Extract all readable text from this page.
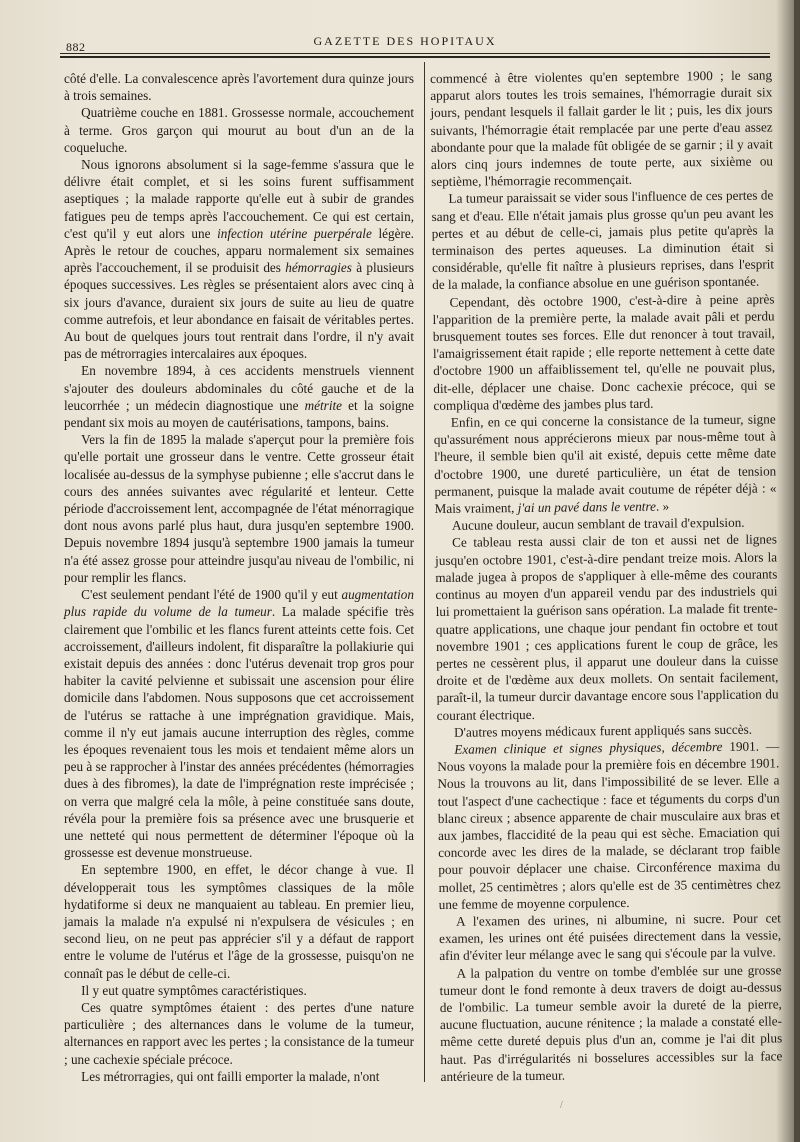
882	GAZETTE DES HOPITAUX

côté d'elle. La convalescence après l'avortement dura quinze jours à trois semaines.

Quatrième couche en 1881. Grossesse normale, accouchement à terme. Gros garçon qui mourut au bout d'un an de la coqueluche.

Nous ignorons absolument si la sage-femme s'assura que le délivre était complet, et si les soins furent suffisamment aseptiques ; la malade rapporte qu'elle eut à subir de grandes fatigues peu de temps après l'accouchement. Ce qui est certain, c'est qu'il y eut alors une infection utérine puerpérale légère. Après le retour de couches, apparu normalement six semaines après l'accouchement, il se produisit des hémorragies à plusieurs époques successives. Les règles se présentaient alors avec cinq à six jours d'avance, duraient six jours de suite au lieu de quatre comme autrefois, et leur abondance en faisait de véritables pertes. Au bout de quelques jours tout rentrait dans l'ordre, il n'y avait pas de métrorragies intercalaires aux époques.

En novembre 1894, à ces accidents menstruels viennent s'ajouter des douleurs abdominales du côté gauche et de la leucorrhée ; un médecin diagnostique une métrite et la soigne pendant six mois au moyen de cautérisations, tampons, bains.

Vers la fin de 1895 la malade s'aperçut pour la première fois qu'elle portait une grosseur dans le ventre. Cette grosseur était localisée au-dessus de la symphyse pubienne ; elle s'accrut dans le cours des années suivantes avec régularité et lenteur. Cette période d'accroissement lent, accompagnée de l'état ménorragique dont nous avons parlé plus haut, dura jusqu'en septembre 1900. Depuis novembre 1894 jusqu'à septembre 1900 jamais la tumeur n'a été assez grosse pour atteindre jusqu'au niveau de l'ombilic, ni pour remplir les flancs.

C'est seulement pendant l'été de 1900 qu'il y eut augmentation plus rapide du volume de la tumeur. La malade spécifie très clairement que l'ombilic et les flancs furent atteints cette fois. Cet accroissement, d'ailleurs indolent, fit disparaître la pollakiurie qui existait depuis des années : donc l'utérus devenait trop gros pour habiter la cavité pelvienne et subissait une ascension pour élire domicile dans l'abdomen. Nous supposons que cet accroissement de l'utérus se rattache à une imprégnation gravidique. Mais, comme il n'y eut jamais aucune interruption des règles, comme les époques revenaient tous les mois et tendaient même alors un peu à se rapprocher à l'instar des années précédentes (hémorragies dues à des fibromes), la date de l'imprégnation reste imprécisée ; on verra que malgré cela la môle, à peine constituée sans doute, révéla pour la première fois sa présence avec une brusquerie et une netteté qui nous permettent de déterminer l'époque où la grossesse est devenue monstrueuse.

En septembre 1900, en effet, le décor change à vue. Il développerait tous les symptômes classiques de la môle hydatiforme si deux ne manquaient au tableau. En premier lieu, jamais la malade n'a expulsé ni n'expulsera de vésicules ; en second lieu, on ne peut pas apprécier s'il y a défaut de rapport entre le volume de l'utérus et l'âge de la grossesse, puisqu'on ne connaît pas le début de celle-ci.

Il y eut quatre symptômes caractéristiques.

Ces quatre symptômes étaient : des pertes d'une nature particulière ; des alternances dans le volume de la tumeur, alternances en rapport avec les pertes ; la consistance de la tumeur ; une cachexie spéciale précoce.

Les métrorragies, qui ont failli emporter la malade, n'ont

commencé à être violentes qu'en septembre 1900 ; le sang apparut alors toutes les trois semaines, l'hémorragie durait six jours, pendant lesquels il fallait garder le lit ; puis, les dix jours suivants, l'hémorragie était remplacée par une perte d'eau assez abondante pour que la malade fût obligée de se garnir ; il y avait alors cinq jours indemnes de toute perte, aux sixième ou septième, l'hémorragie recommençait.

La tumeur paraissait se vider sous l'influence de ces pertes de sang et d'eau. Elle n'était jamais plus grosse qu'un peu avant les pertes et au début de celle-ci, jamais plus petite qu'après la terminaison des pertes aqueuses. La diminution était si considérable, qu'elle fit naître à plusieurs reprises, dans l'esprit de la malade, la confiance absolue en une guérison spontanée.

Cependant, dès octobre 1900, c'est-à-dire à peine après l'apparition de la première perte, la malade avait pâli et perdu brusquement toutes ses forces. Elle dut renoncer à tout travail, l'amaigrissement était rapide ; elle reporte nettement à cette date d'octobre 1900 un affaiblissement tel, qu'elle ne pouvait plus, dit-elle, déplacer une chaise. Donc cachexie précoce, qui se compliqua d'œdème des jambes plus tard.

Enfin, en ce qui concerne la consistance de la tumeur, signe qu'assurément nous apprécierons mieux par nous-même tout à l'heure, il semble bien qu'il ait existé, depuis cette même date d'octobre 1900, une dureté particulière, un état de tension permanent, puisque la malade avait coutume de répéter déjà : « Mais vraiment, j'ai un pavé dans le ventre. »

Aucune douleur, aucun semblant de travail d'expulsion.

Ce tableau resta aussi clair de ton et aussi net de lignes jusqu'en octobre 1901, c'est-à-dire pendant treize mois. Alors la malade jugea à propos de s'appliquer à elle-même des courants continus au moyen d'un appareil vendu par des industriels qui lui promettaient la guérison sans opération. La malade fit trente-quatre applications, une chaque jour pendant fin octobre et tout novembre 1901 ; ces applications furent le coup de grâce, les pertes ne cessèrent plus, il apparut une douleur dans la cuisse droite et de l'œdème aux deux mollets. On sentait facilement, paraît-il, la tumeur durcir davantage encore sous l'application du courant électrique.

D'autres moyens médicaux furent appliqués sans succès.

Examen clinique et signes physiques, décembre 1901. — Nous voyons la malade pour la première fois en décembre 1901. Nous la trouvons au lit, dans l'impossibilité de se lever. Elle a tout l'aspect d'une cachectique : face et téguments du corps d'un blanc cireux ; absence apparente de chair musculaire aux bras et aux jambes, flaccidité de la peau qui est sèche. Emaciation qui concorde avec les dires de la malade, se déclarant trop faible pour pouvoir déplacer une chaise. Circonférence maxima du mollet, 25 centimètres ; alors qu'elle est de 35 centimètres chez une femme de moyenne corpulence.

A l'examen des urines, ni albumine, ni sucre. Pour cet examen, les urines ont été puisées directement dans la vessie, afin d'éviter leur mélange avec le sang qui s'écoule par la vulve.

A la palpation du ventre on tombe d'emblée sur une grosse tumeur dont le fond remonte à deux travers de doigt au-dessus de l'ombilic. La tumeur semble avoir la dureté de la pierre, aucune fluctuation, aucune rénitence ; la malade a constaté elle-même cette dureté depuis plus d'un an, comme je l'ai dit plus haut. Pas d'irrégularités ni bosselures accessibles sur la face antérieure de la tumeur.

/
